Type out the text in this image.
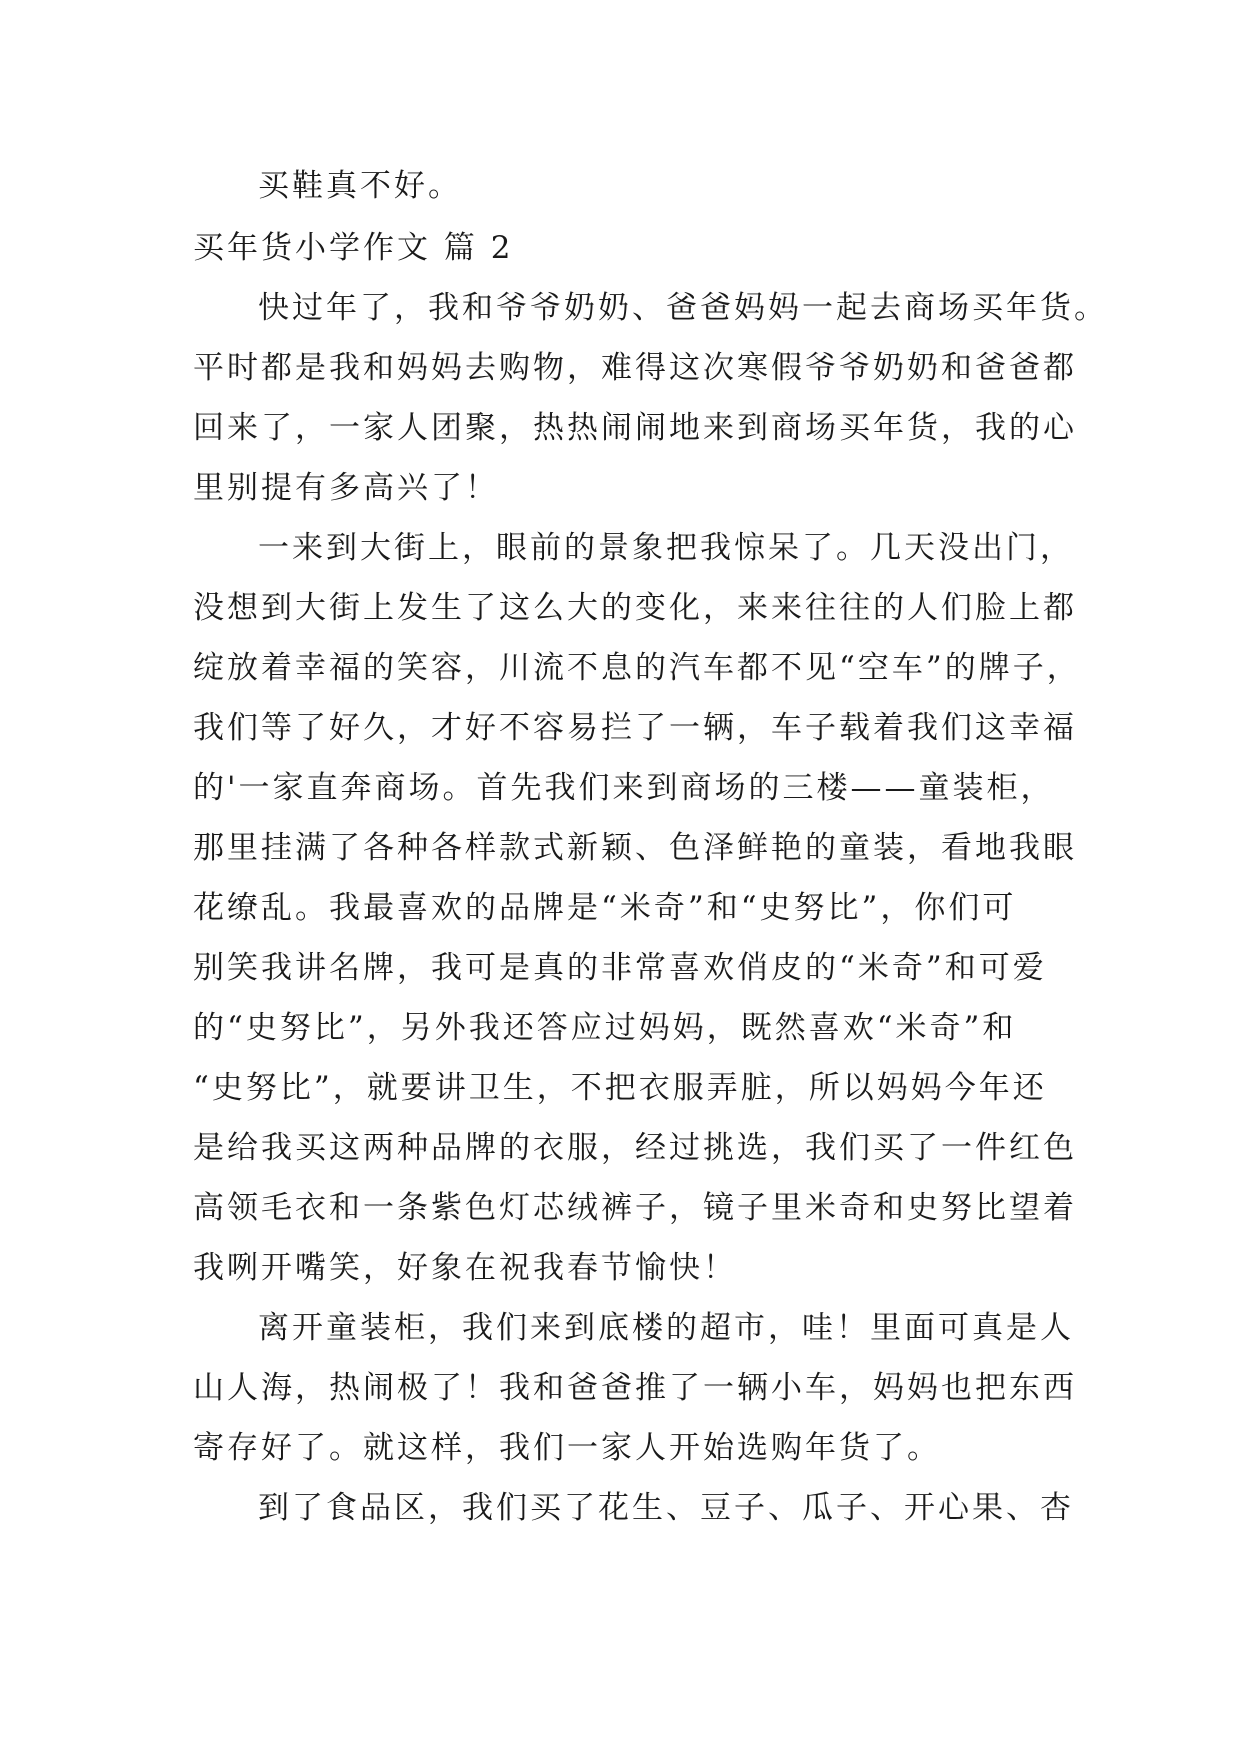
买鞋真不好。
买年货小学作文 篇 2
快过年了，我和爷爷奶奶、爸爸妈妈一起去商场买年货。
平时都是我和妈妈去购物，难得这次寒假爷爷奶奶和爸爸都
回来了，一家人团聚，热热闹闹地来到商场买年货，我的心
里别提有多高兴了！
一来到大街上，眼前的景象把我惊呆了。几天没出门，
没想到大街上发生了这么大的变化，来来往往的人们脸上都
绽放着幸福的笑容，川流不息的汽车都不见“空车”的牌子，
我们等了好久，才好不容易拦了一辆，车子载着我们这幸福
的'一家直奔商场。首先我们来到商场的三楼——童装柜，
那里挂满了各种各样款式新颖、色泽鲜艳的童装，看地我眼
花缭乱。我最喜欢的品牌是“米奇”和“史努比”，你们可
别笑我讲名牌，我可是真的非常喜欢俏皮的“米奇”和可爱
的“史努比”，另外我还答应过妈妈，既然喜欢“米奇”和
“史努比”，就要讲卫生，不把衣服弄脏，所以妈妈今年还
是给我买这两种品牌的衣服，经过挑选，我们买了一件红色
高领毛衣和一条紫色灯芯绒裤子，镜子里米奇和史努比望着
我咧开嘴笑，好象在祝我春节愉快！
离开童装柜，我们来到底楼的超市，哇！里面可真是人
山人海，热闹极了！我和爸爸推了一辆小车，妈妈也把东西
寄存好了。就这样，我们一家人开始选购年货了。
到了食品区，我们买了花生、豆子、瓜子、开心果、杏
